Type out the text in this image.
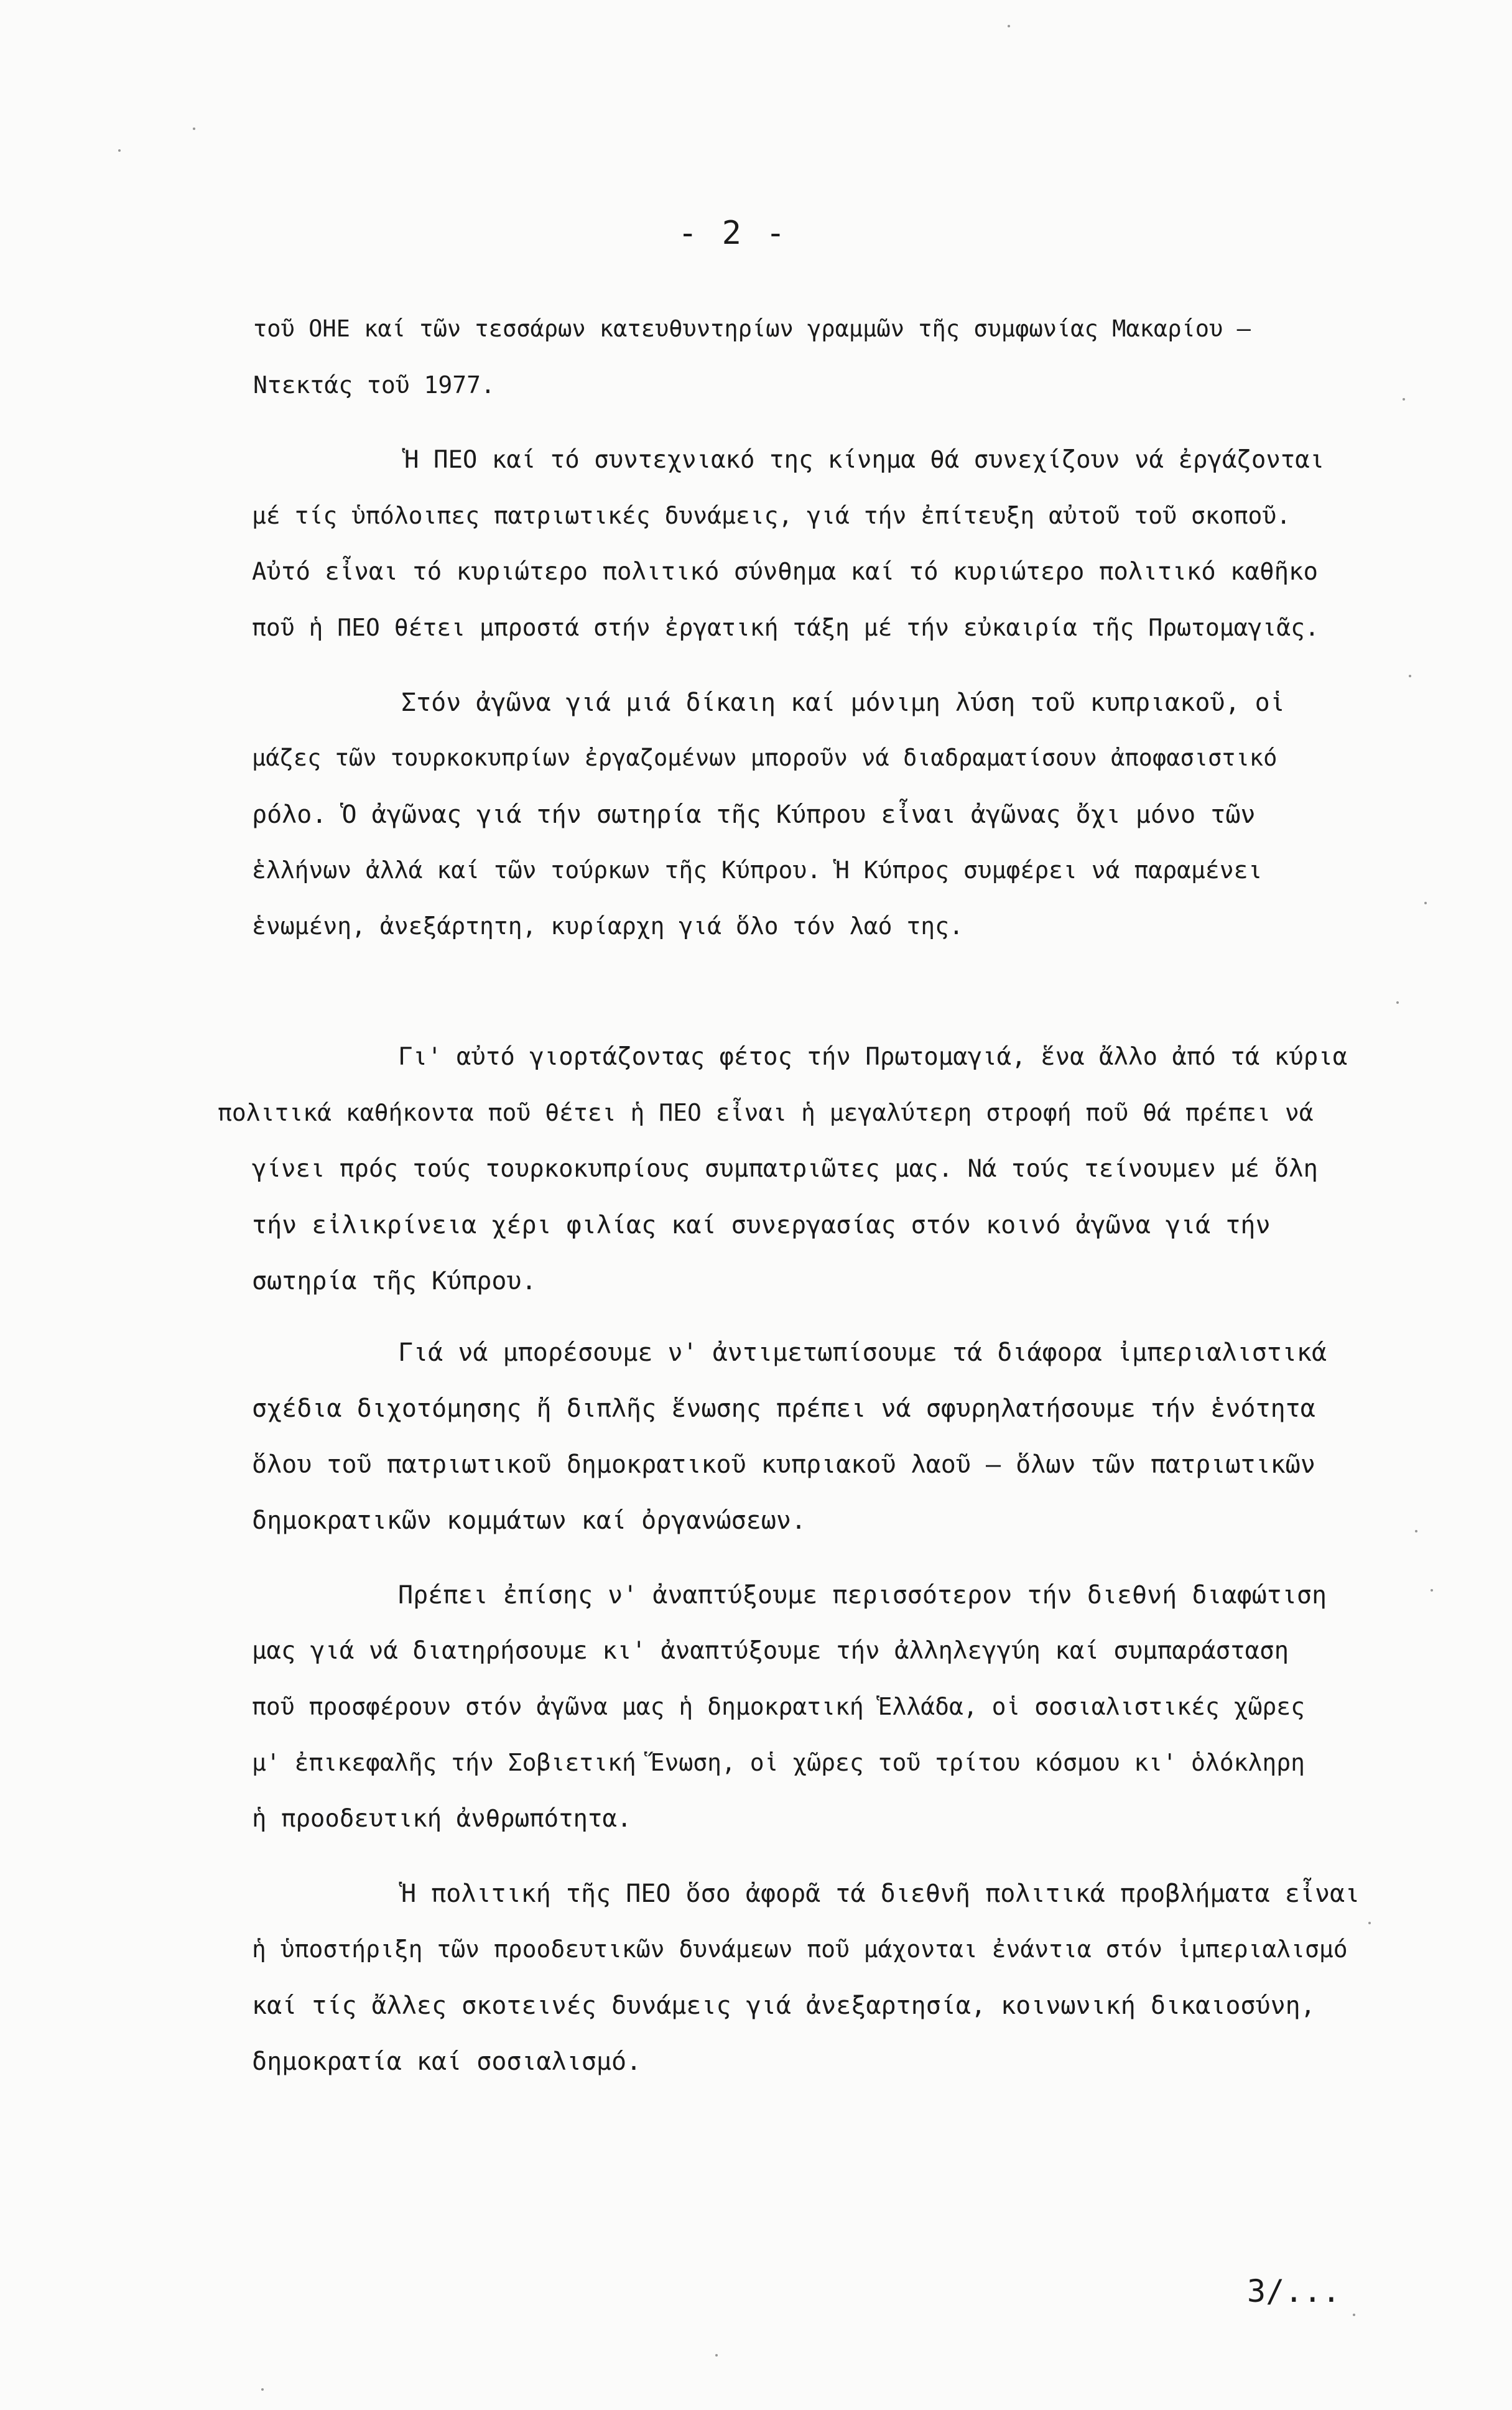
- 2 -
τοῦ ΟΗΕ καί τῶν τεσσάρων κατευθυντηρίων γραμμῶν τῆς συμφωνίας Μακαρίου –
Ντεκτάς τοῦ 1977.
Ἡ ΠΕΟ καί τό συντεχνιακό της κίνημα θά συνεχίζουν νά ἐργάζονται
μέ τίς ὑπόλοιπες πατριωτικές δυνάμεις, γιά τήν ἐπίτευξη αὐτοῦ τοῦ σκοποῦ.
Αὐτό εἶναι τό κυριώτερο πολιτικό σύνθημα καί τό κυριώτερο πολιτικό καθῆκο
ποῦ ἡ ΠΕΟ θέτει μπροστά στήν ἐργατική τάξη μέ τήν εὐκαιρία τῆς Πρωτομαγιᾶς.
Στόν ἀγῶνα γιά μιά δίκαιη καί μόνιμη λύση τοῦ κυπριακοῦ, οἱ
μάζες τῶν τουρκοκυπρίων ἐργαζομένων μποροῦν νά διαδραματίσουν ἀποφασιστικό
ρόλο. Ὁ ἀγῶνας γιά τήν σωτηρία τῆς Κύπρου εἶναι ἀγῶνας ὄχι μόνο τῶν
ἑλλήνων ἀλλά καί τῶν τούρκων τῆς Κύπρου. Ἡ Κύπρος συμφέρει νά παραμένει
ἑνωμένη, ἀνεξάρτητη, κυρίαρχη γιά ὅλο τόν λαό της.
Γι' αὐτό γιορτάζοντας φέτος τήν Πρωτομαγιά, ἕνα ἄλλο ἀπό τά κύρια
πολιτικά καθήκοντα ποῦ θέτει ἡ ΠΕΟ εἶναι ἡ μεγαλύτερη στροφή ποῦ θά πρέπει νά
γίνει πρός τούς τουρκοκυπρίους συμπατριῶτες μας. Νά τούς τείνουμεν μέ ὅλη
τήν εἰλικρίνεια χέρι φιλίας καί συνεργασίας στόν κοινό ἀγῶνα γιά τήν
σωτηρία τῆς Κύπρου.
Γιά νά μπορέσουμε ν' ἀντιμετωπίσουμε τά διάφορα ἰμπεριαλιστικά
σχέδια διχοτόμησης ἤ διπλῆς ἕνωσης πρέπει νά σφυρηλατήσουμε τήν ἑνότητα
ὅλου τοῦ πατριωτικοῦ δημοκρατικοῦ κυπριακοῦ λαοῦ – ὅλων τῶν πατριωτικῶν
δημοκρατικῶν κομμάτων καί ὀργανώσεων.
Πρέπει ἐπίσης ν' ἀναπτύξουμε περισσότερον τήν διεθνή διαφώτιση
μας γιά νά διατηρήσουμε κι' ἀναπτύξουμε τήν ἀλληλεγγύη καί συμπαράσταση
ποῦ προσφέρουν στόν ἀγῶνα μας ἡ δημοκρατική Ἑλλάδα, οἱ σοσιαλιστικές χῶρες
μ' ἐπικεφαλῆς τήν Σοβιετική Ἕνωση, οἱ χῶρες τοῦ τρίτου κόσμου κι' ὁλόκληρη
ἡ προοδευτική ἀνθρωπότητα.
Ἡ πολιτική τῆς ΠΕΟ ὅσο ἀφορᾶ τά διεθνῆ πολιτικά προβλήματα εἶναι
ἡ ὑποστήριξη τῶν προοδευτικῶν δυνάμεων ποῦ μάχονται ἐνάντια στόν ἰμπεριαλισμό
καί τίς ἄλλες σκοτεινές δυνάμεις γιά ἀνεξαρτησία, κοινωνική δικαιοσύνη,
δημοκρατία καί σοσιαλισμό.
3/...
